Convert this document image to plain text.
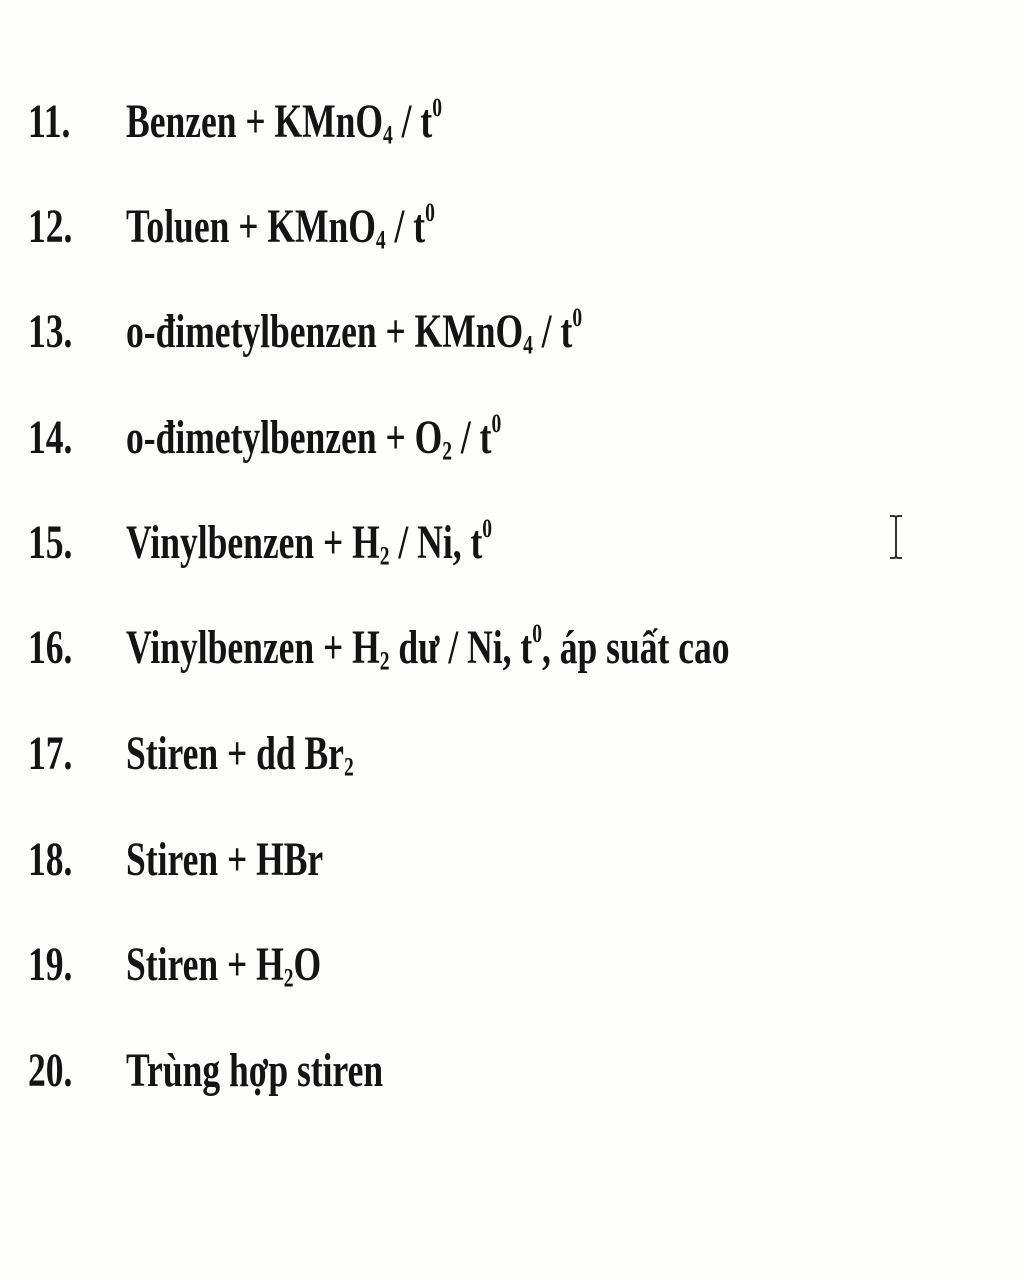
11. Benzen + KMnO$_4$ / $t^0$
12. Toluen + KMnO$_4$ / $t^0$
13. o-đimetylbenzen + KMnO$_4$ / $t^0$
14. o-đimetylbenzen + $O_2 / t^0$
15. Vinylbenzen + $H_2$ / Ni, $t^0$
16. Vinylbenzen + $H_2$ dư / Ni, $t^0$, áp suất cao
17. Stiren + dd $Br_2$
18. Stiren + HBr
19. Stiren + $H_2O$
20. Trùng hợp stiren
